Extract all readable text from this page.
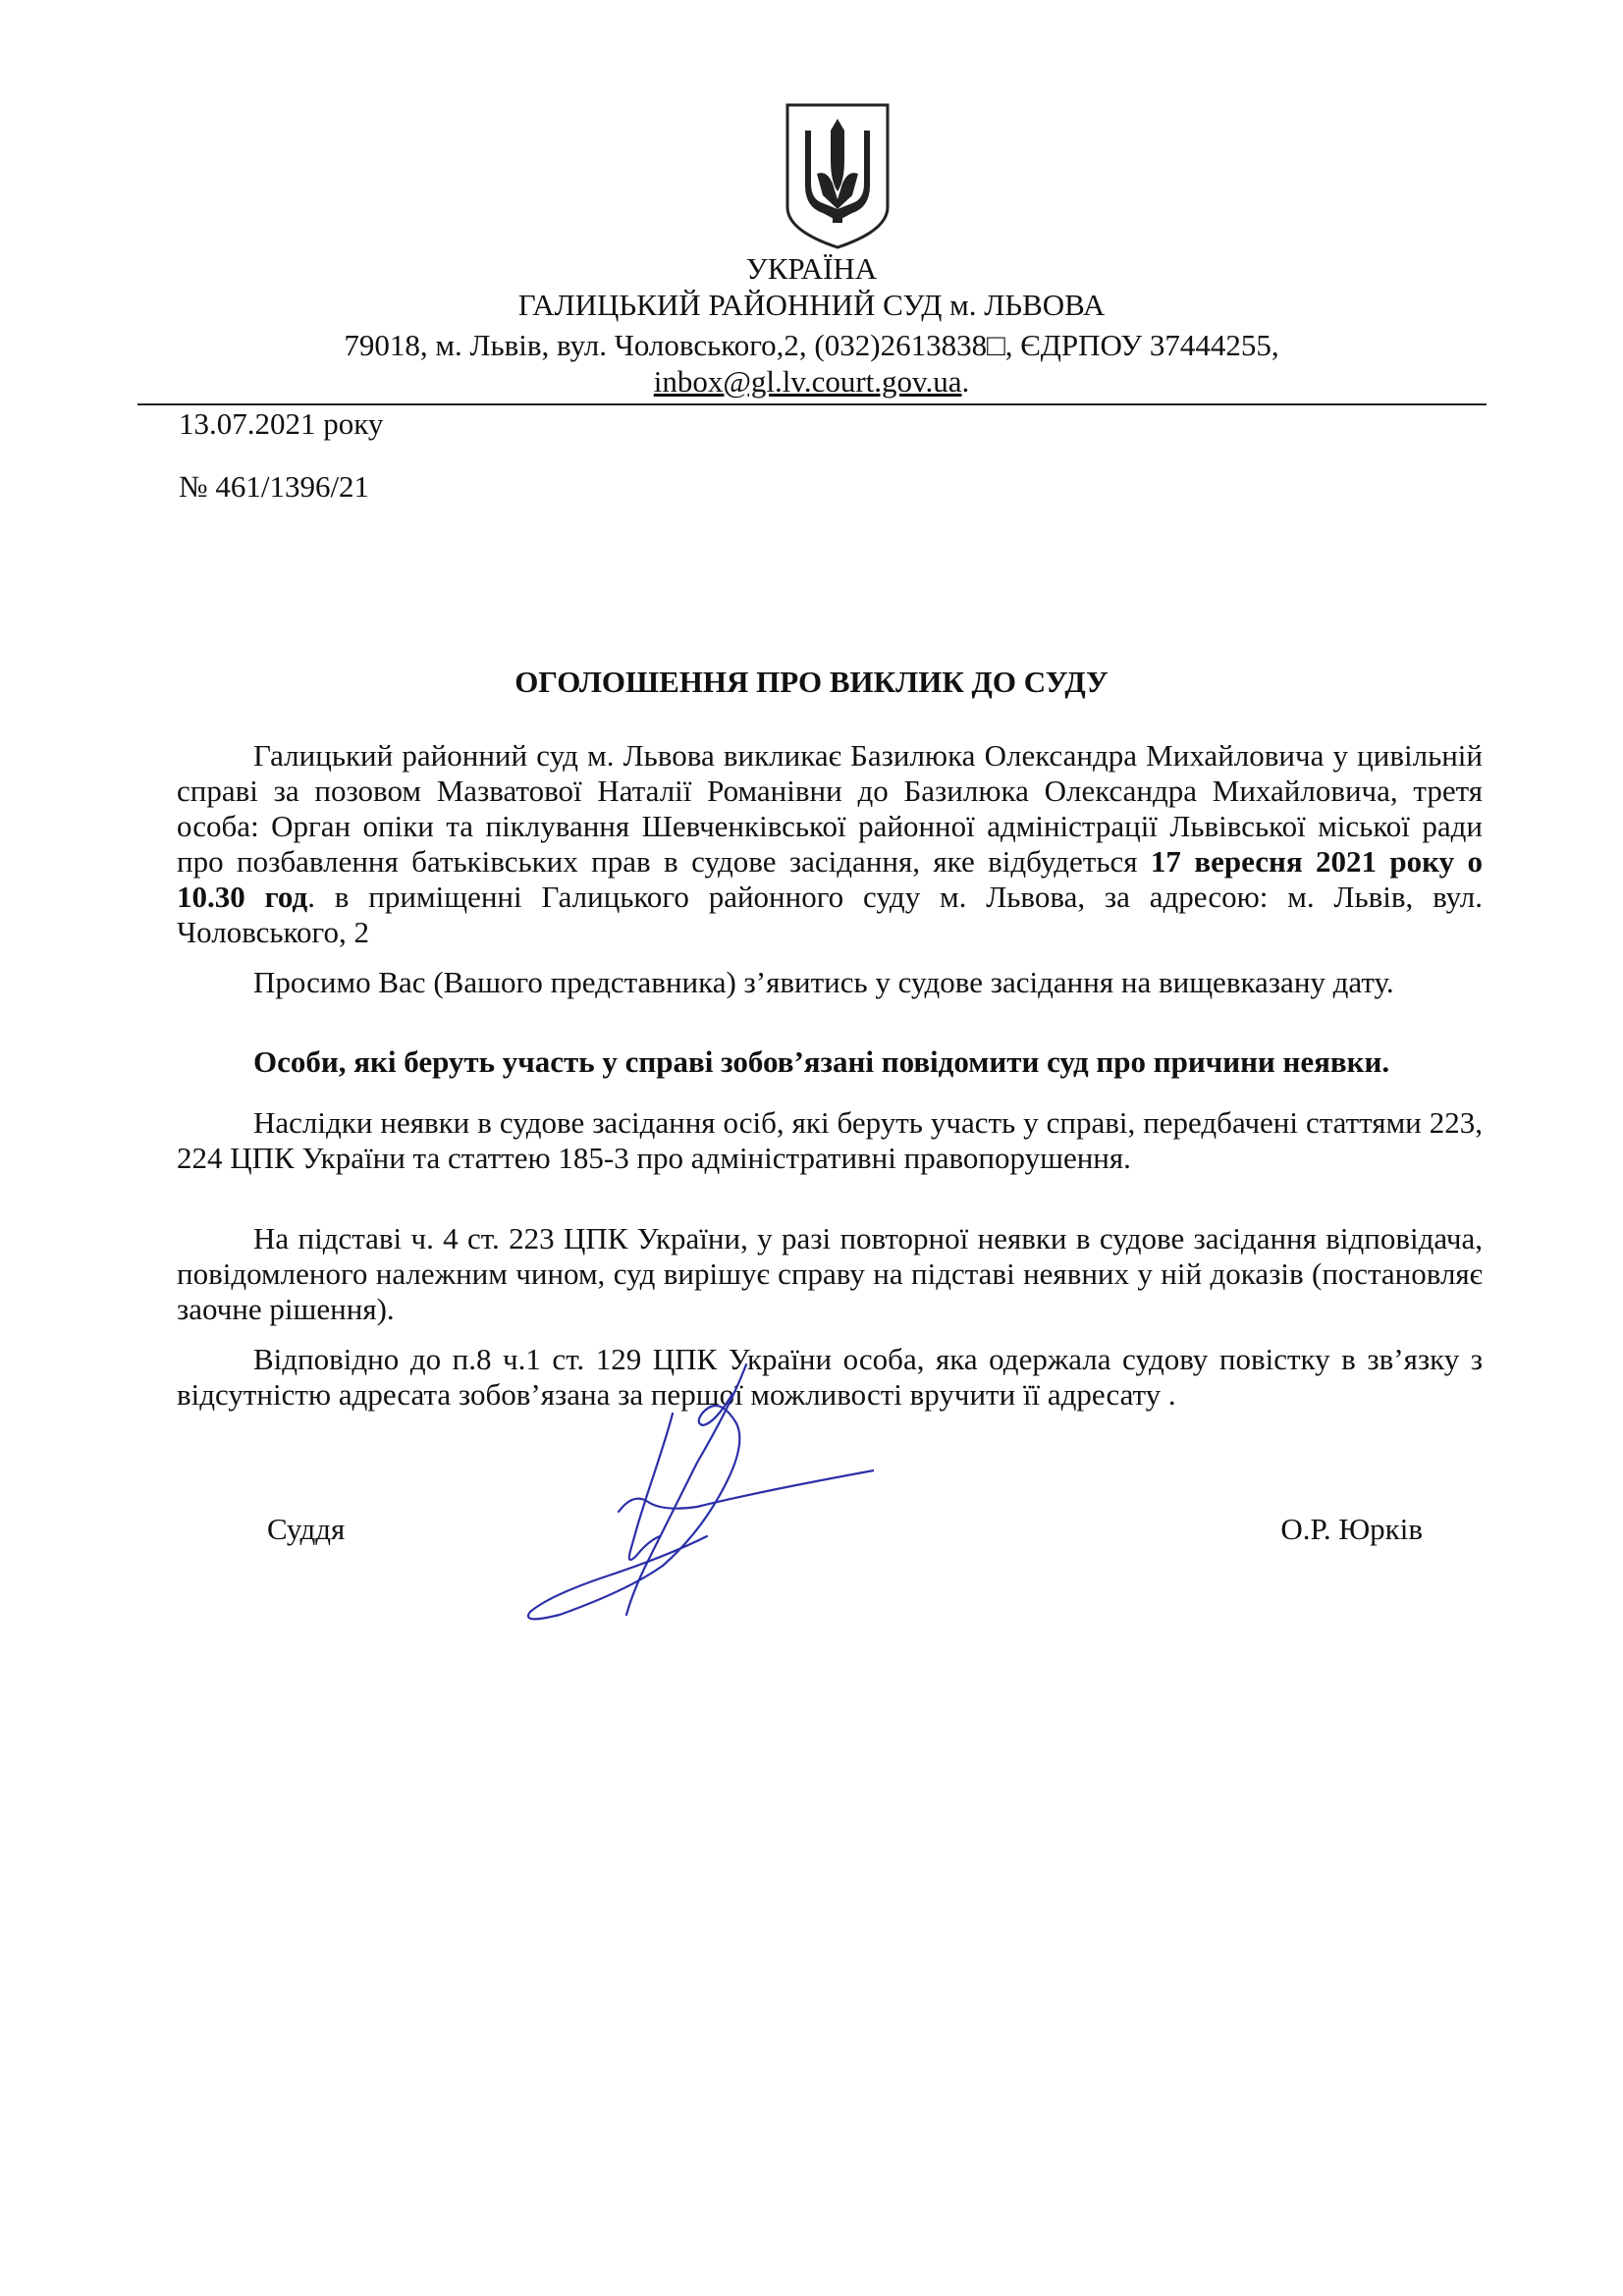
УКРАЇНА
ГАЛИЦЬКИЙ РАЙОННИЙ СУД м. ЛЬВОВА
79018, м. Львів, вул. Чоловського,2, (032)2613838□, ЄДРПОУ 37444255,
inbox@gl.lv.court.gov.ua.
13.07.2021 року
№ 461/1396/21
ОГОЛОШЕННЯ ПРО ВИКЛИК ДО СУДУ

Галицький районний суд м. Львова викликає Базилюка Олександра Михайловича у цивільній справі за позовом Мазватової Наталії Романівни до Базилюка Олександра Михайловича, третя особа: Орган опіки та піклування Шевченківської районної адміністрації Львівської міської ради про позбавлення батьківських прав в судове засідання, яке відбудеться 17 вересня 2021 року о 10.30 год. в приміщенні Галицького районного суду м. Львова, за адресою: м. Львів, вул. Чоловського, 2

Просимо Вас (Вашого представника) з’явитись у судове засідання на вищевказану дату.

Особи, які беруть участь у справі зобов’язані повідомити суд про причини неявки.

Наслідки неявки в судове засідання осіб, які беруть участь у справі, передбачені статтями 223, 224 ЦПК України та статтею 185-3 про адміністративні правопорушення.

На підставі ч. 4 ст. 223 ЦПК України, у разі повторної неявки в судове засідання відповідача, повідомленого належним чином, суд вирішує справу на підставі неявних у ній доказів (постановляє заочне рішення).

Відповідно до п.8 ч.1 ст. 129 ЦПК України особа, яка одержала судову повістку в зв’язку з відсутністю адресата зобов’язана за першої можливості вручити її адресату .

Суддя	О.Р. Юрків
